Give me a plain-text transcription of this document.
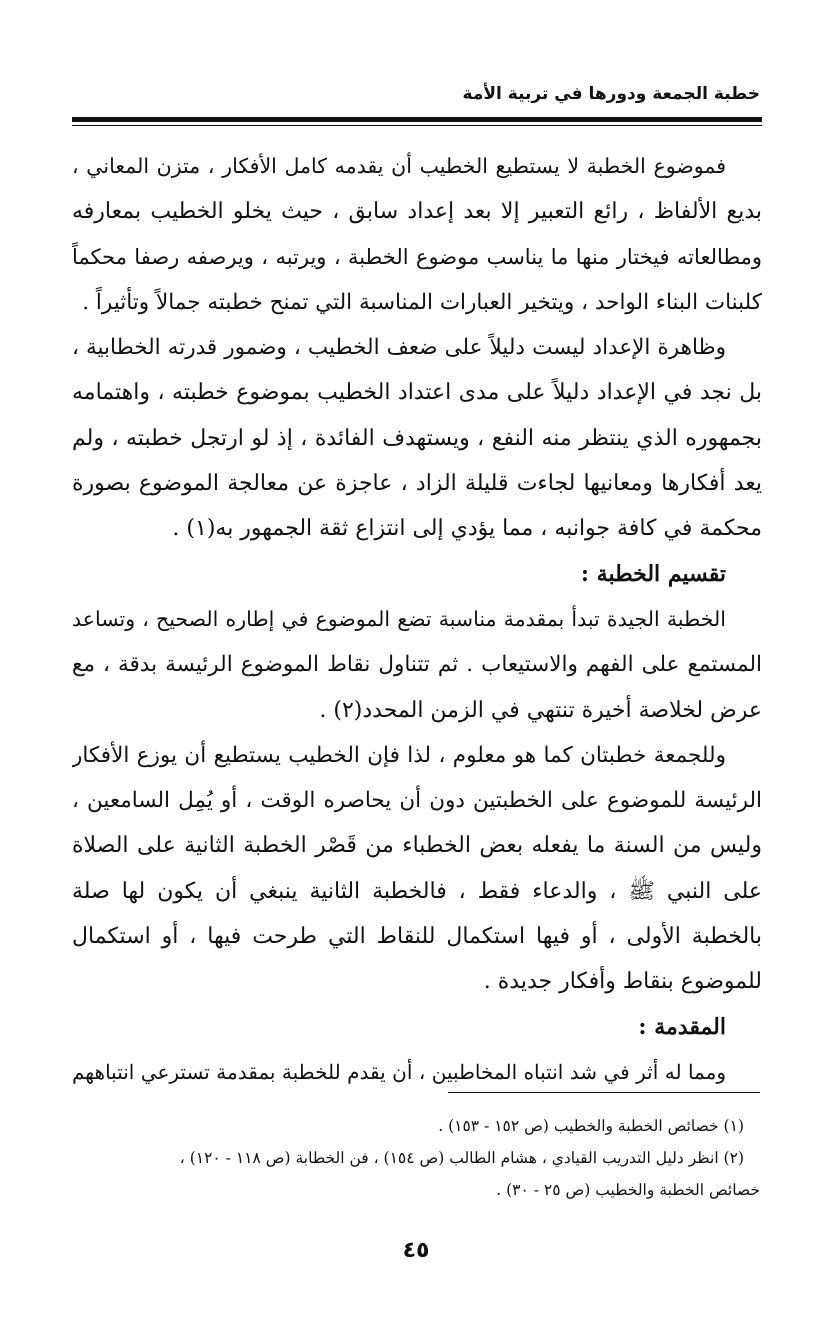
خطبة الجمعة ودورها في تربية الأمة
فموضوع الخطبة لا يستطيع الخطيب أن يقدمه كامل الأفكار ، متزن المعاني ،
بديع الألفاظ ، رائع التعبير إلا بعد إعداد سابق ، حيث يخلو الخطيب بمعارفه
ومطالعاته فيختار منها ما يناسب موضوع الخطبة ، ويرتبه ، ويرصفه رصفا محكماً
كلبنات البناء الواحد ، ويتخير العبارات المناسبة التي تمنح خطبته جمالاً وتأثيراً .
وظاهرة الإعداد ليست دليلاً على ضعف الخطيب ، وضمور قدرته الخطابية ،
بل نجد في الإعداد دليلاً على مدى اعتداد الخطيب بموضوع خطبته ، واهتمامه
بجمهوره الذي ينتظر منه النفع ، ويستهدف الفائدة ، إذ لو ارتجل خطبته ، ولم
يعد أفكارها ومعانيها لجاءت قليلة الزاد ، عاجزة عن معالجة الموضوع بصورة
محكمة في كافة جوانبه ، مما يؤدي إلى انتزاع ثقة الجمهور به(١) .
تقسيم الخطبة :
الخطبة الجيدة تبدأ بمقدمة مناسبة تضع الموضوع في إطاره الصحيح ، وتساعد
المستمع على الفهم والاستيعاب . ثم تتناول نقاط الموضوع الرئيسة بدقة ، مع
عرض لخلاصة أخيرة تنتهي في الزمن المحدد(٢) .
وللجمعة خطبتان كما هو معلوم ، لذا فإن الخطيب يستطيع أن يوزع الأفكار
الرئيسة للموضوع على الخطبتين دون أن يحاصره الوقت ، أو يُمِل السامعين ،
وليس من السنة ما يفعله بعض الخطباء من قَصْر الخطبة الثانية على الصلاة
على النبي ﷺ ، والدعاء فقط ، فالخطبة الثانية ينبغي أن يكون لها صلة
بالخطبة الأولى ، أو فيها استكمال للنقاط التي طرحت فيها ، أو استكمال
للموضوع بنقاط وأفكار جديدة .
المقدمة :
ومما له أثر في شد انتباه المخاطبين ، أن يقدم للخطبة بمقدمة تسترعي انتباههم
(١) خصائص الخطبة والخطيب (ص ١٥٢ - ١٥٣) .
(٢) انظر دليل التدريب القيادي ، هشام الطالب (ص ١٥٤) ، فن الخطابة (ص ١١٨ - ١٢٠) ،
خصائص الخطبة والخطيب (ص ٢٥ - ٣٠) .
٤٥
